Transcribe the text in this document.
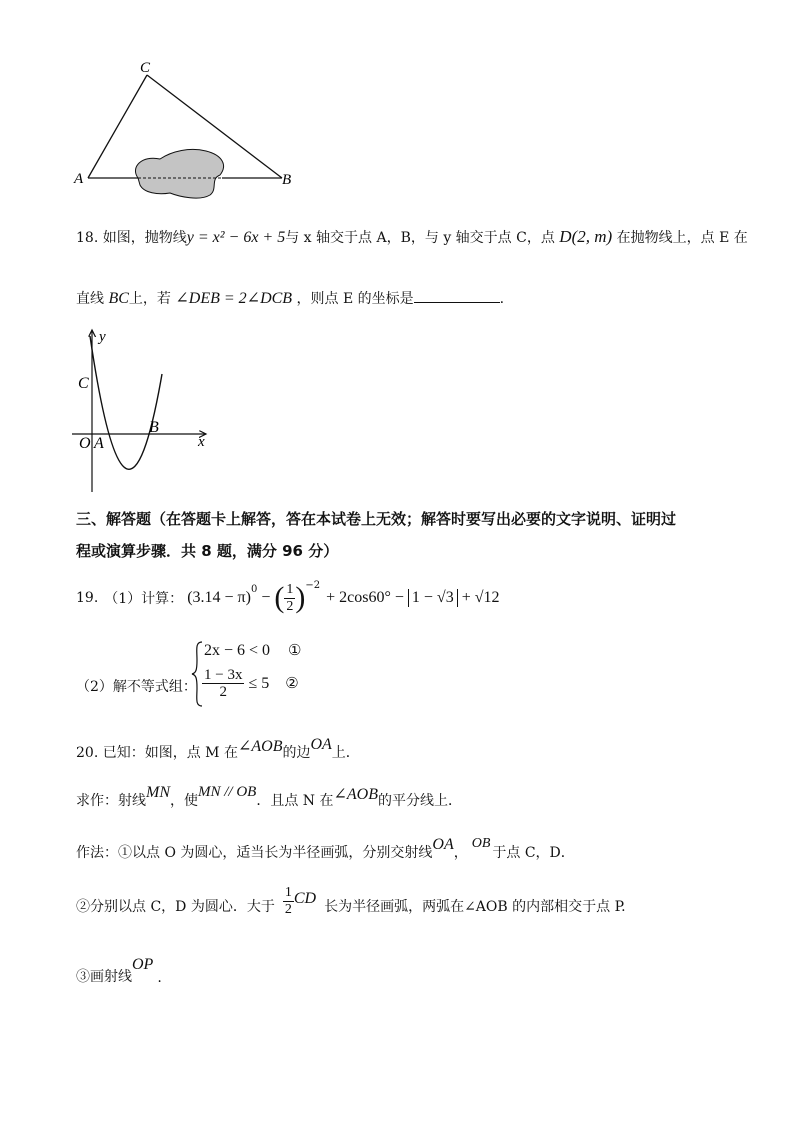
C
A	B
18. 如图，抛物线y = x² − 6x + 5与 x 轴交于点 A，B，与 y 轴交于点 C，点 D(2, m) 在抛物线上，点 E 在
直线 BC上，若 ∠DEB = 2∠DCB ，则点 E 的坐标是	.
y
x
C
O A
B
三、解答题（在答题卡上解答，答在本试卷上无效；解答时要写出必要的文字说明、证明过
程或演算步骤．共 8 题，满分 96 分）
19. （1）计算： $(3.14 - \pi)^0$ − ( $\frac{1}{2} )^{-2}$
+ 2cos60° − 1 − √3 + √12
（2）解不等式组：
2x − 6 < 0 ①
$\frac{1 - 3x}{2} \le 5$ ②
20. 已知：如图，点 M 在 ∠AOB 的边 OA 上．
求作：射线 MN ，使
MN // OB
．且点 N 在 ∠AOB 的平分线上．
作法：①以点 O 为圆心，适当长为半径画弧，分别交射线 OA ，
OB
于点 C，D．
②分别以点 C，D 为圆心．大于 $\frac{1}{2}$ CD 长为半径画弧，两弧在∠AOB 的内部相交于点 P.
③画射线
OP
.
